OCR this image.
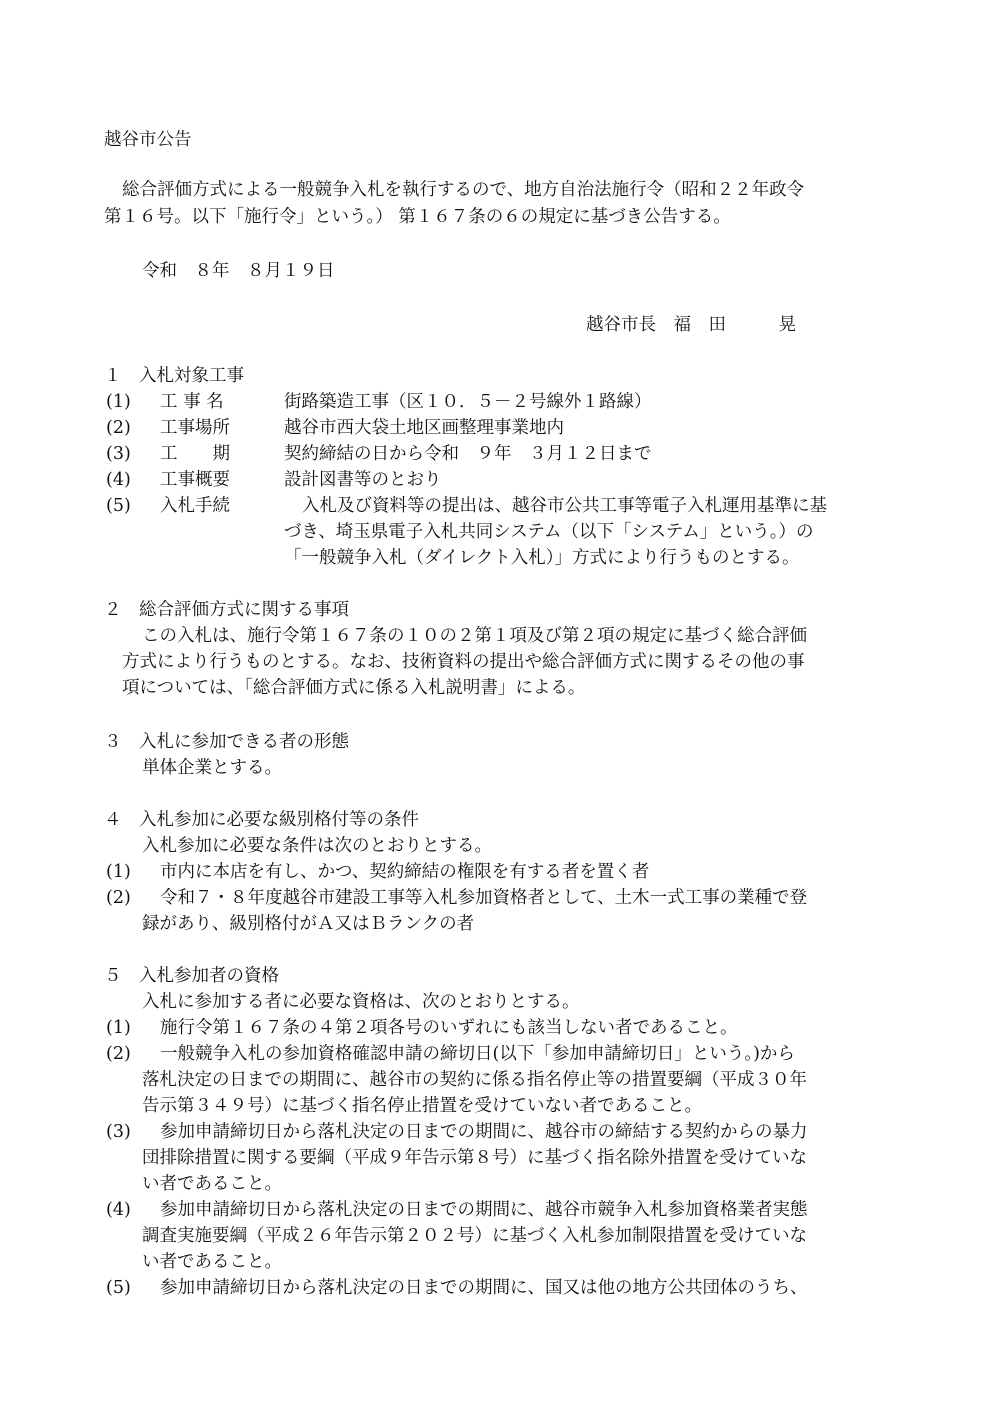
越谷市公告
総合評価方式による一般競争入札を執行するので、地方自治法施行令（昭和２２年政令
第１６号。以下「施行令」という。） 第１６７条の６の規定に基づき公告する。
令和　８年　８月１９日
越谷市長　福　田　　　晃
１　入札対象工事
(1) 工 事 名	街路築造工事（区１０．５－２号線外１路線）
(2) 工事場所	越谷市西大袋土地区画整理事業地内
(3) 工　　期	契約締結の日から令和　９年　３月１２日まで
(4) 工事概要	設計図書等のとおり
(5) 入札手続	入札及び資料等の提出は、越谷市公共工事等電子入札運用基準に基
づき、埼玉県電子入札共同システム（以下「システム」という。）の
「一般競争入札（ダイレクト入札）」方式により行うものとする。
２　総合評価方式に関する事項
この入札は、施行令第１６７条の１０の２第１項及び第２項の規定に基づく総合評価
方式により行うものとする。なお、技術資料の提出や総合評価方式に関するその他の事
項については、「総合評価方式に係る入札説明書」による。
３　入札に参加できる者の形態
単体企業とする。
４　入札参加に必要な級別格付等の条件
入札参加に必要な条件は次のとおりとする。
(1) 市内に本店を有し、かつ、契約締結の権限を有する者を置く者
(2) 令和７・８年度越谷市建設工事等入札参加資格者として、土木一式工事の業種で登
録があり、級別格付がＡ又はＢランクの者
５　入札参加者の資格
入札に参加する者に必要な資格は、次のとおりとする。
(1) 施行令第１６７条の４第２項各号のいずれにも該当しない者であること。
(2) 一般競争入札の参加資格確認申請の締切日(以下「参加申請締切日」という。)から
落札決定の日までの期間に、越谷市の契約に係る指名停止等の措置要綱（平成３０年
告示第３４９号）に基づく指名停止措置を受けていない者であること。
(3) 参加申請締切日から落札決定の日までの期間に、越谷市の締結する契約からの暴力
団排除措置に関する要綱（平成９年告示第８号）に基づく指名除外措置を受けていな
い者であること。
(4) 参加申請締切日から落札決定の日までの期間に、越谷市競争入札参加資格業者実態
調査実施要綱（平成２６年告示第２０２号）に基づく入札参加制限措置を受けていな
い者であること。
(5) 参加申請締切日から落札決定の日までの期間に、国又は他の地方公共団体のうち、
